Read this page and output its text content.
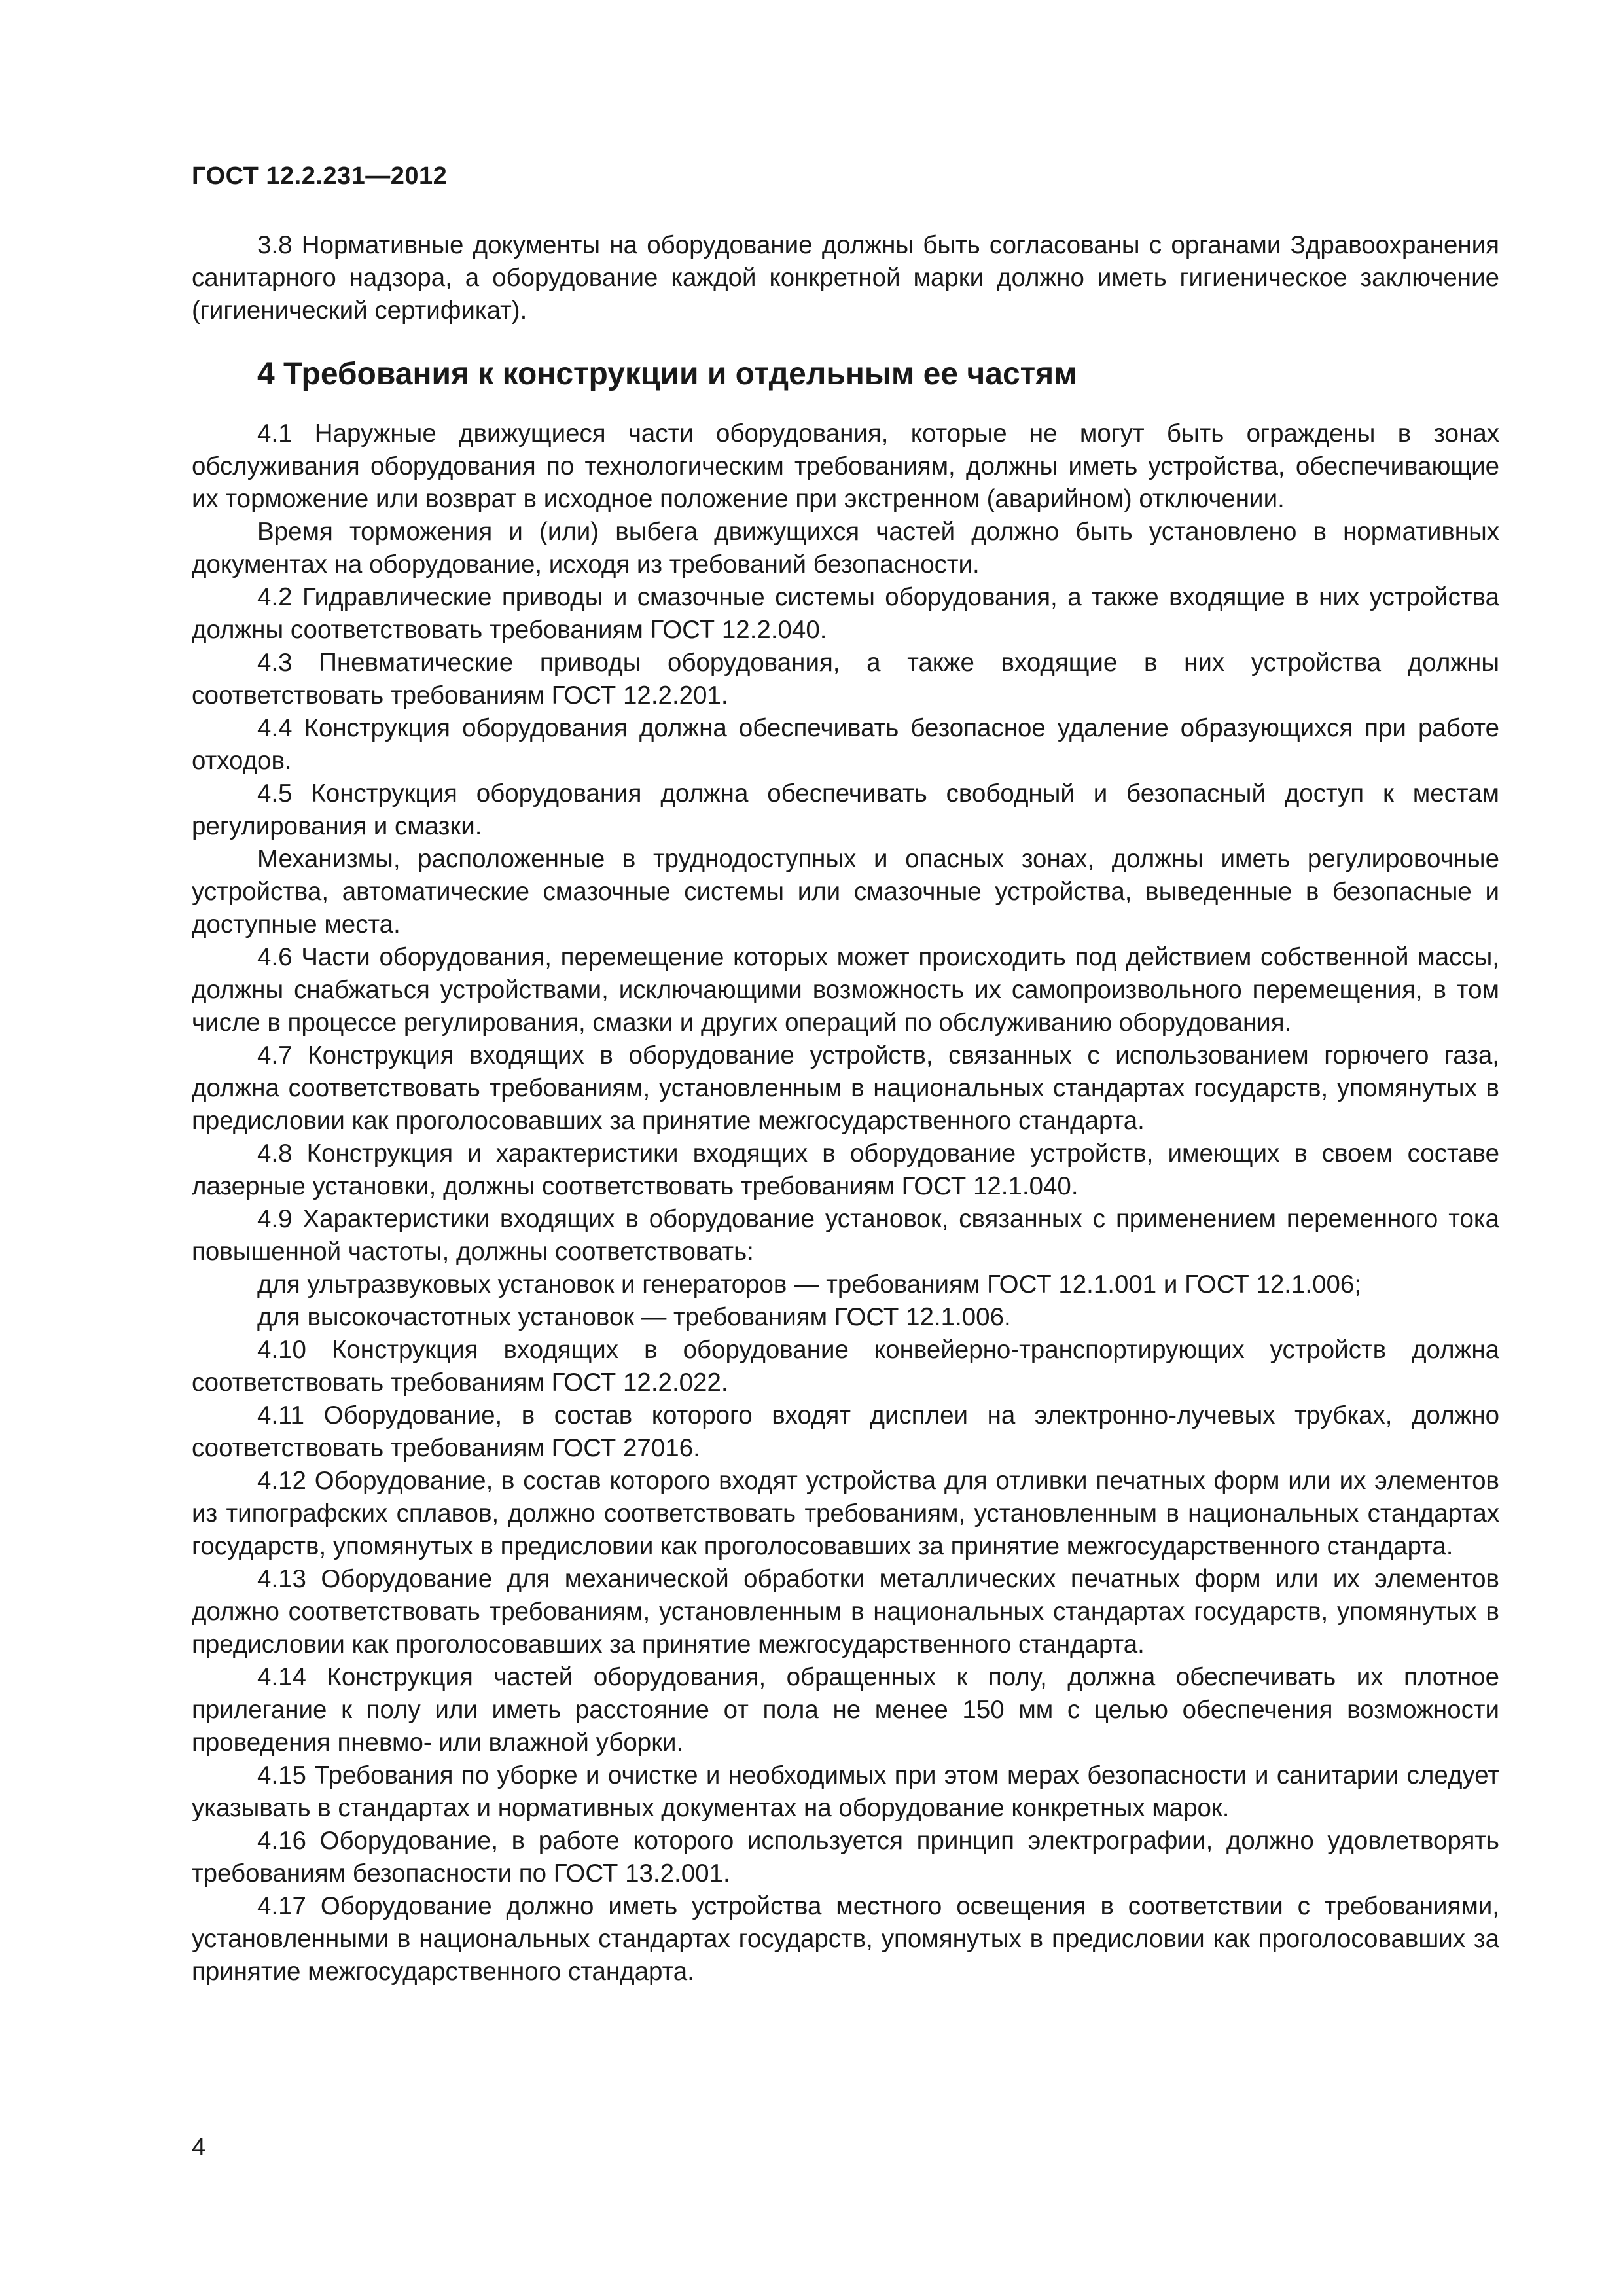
ГОСТ 12.2.231—2012

3.8 Нормативные документы на оборудование должны быть согласованы с органами Здравоохранения санитарного надзора, а оборудование каждой конкретной марки должно иметь гигиеническое заключение (гигиенический сертификат).

4 Требования к конструкции и отдельным ее частям

4.1 Наружные движущиеся части оборудования, которые не могут быть ограждены в зонах обслуживания оборудования по технологическим требованиям, должны иметь устройства, обеспечивающие их торможение или возврат в исходное положение при экстренном (аварийном) отключении.

Время торможения и (или) выбега движущихся частей должно быть установлено в нормативных документах на оборудование, исходя из требований безопасности.

4.2 Гидравлические приводы и смазочные системы оборудования, а также входящие в них устройства должны соответствовать требованиям ГОСТ 12.2.040.

4.3 Пневматические приводы оборудования, а также входящие в них устройства должны соответствовать требованиям ГОСТ 12.2.201.

4.4 Конструкция оборудования должна обеспечивать безопасное удаление образующихся при работе отходов.

4.5 Конструкция оборудования должна обеспечивать свободный и безопасный доступ к местам регулирования и смазки.

Механизмы, расположенные в труднодоступных и опасных зонах, должны иметь регулировочные устройства, автоматические смазочные системы или смазочные устройства, выведенные в безопасные и доступные места.

4.6 Части оборудования, перемещение которых может происходить под действием собственной массы, должны снабжаться устройствами, исключающими возможность их самопроизвольного перемещения, в том числе в процессе регулирования, смазки и других операций по обслуживанию оборудования.

4.7 Конструкция входящих в оборудование устройств, связанных с использованием горючего газа, должна соответствовать требованиям, установленным в национальных стандартах государств, упомянутых в предисловии как проголосовавших за принятие межгосударственного стандарта.

4.8 Конструкция и характеристики входящих в оборудование устройств, имеющих в своем составе лазерные установки, должны соответствовать требованиям ГОСТ 12.1.040.

4.9 Характеристики входящих в оборудование установок, связанных с применением переменного тока повышенной частоты, должны соответствовать:

для ультразвуковых установок и генераторов — требованиям ГОСТ 12.1.001 и ГОСТ 12.1.006;

для высокочастотных установок — требованиям ГОСТ 12.1.006.

4.10 Конструкция входящих в оборудование конвейерно-транспортирующих устройств должна соответствовать требованиям ГОСТ 12.2.022.

4.11 Оборудование, в состав которого входят дисплеи на электронно-лучевых трубках, должно соответствовать требованиям ГОСТ 27016.

4.12 Оборудование, в состав которого входят устройства для отливки печатных форм или их элементов из типографских сплавов, должно соответствовать требованиям, установленным в национальных стандартах государств, упомянутых в предисловии как проголосовавших за принятие межгосударственного стандарта.

4.13 Оборудование для механической обработки металлических печатных форм или их элементов должно соответствовать требованиям, установленным в национальных стандартах государств, упомянутых в предисловии как проголосовавших за принятие межгосударственного стандарта.

4.14 Конструкция частей оборудования, обращенных к полу, должна обеспечивать их плотное прилегание к полу или иметь расстояние от пола не менее 150 мм с целью обеспечения возможности проведения пневмо- или влажной уборки.

4.15 Требования по уборке и очистке и необходимых при этом мерах безопасности и санитарии следует указывать в стандартах и нормативных документах на оборудование конкретных марок.

4.16 Оборудование, в работе которого используется принцип электрографии, должно удовлетворять требованиям безопасности по ГОСТ 13.2.001.

4.17 Оборудование должно иметь устройства местного освещения в соответствии с требованиями, установленными в национальных стандартах государств, упомянутых в предисловии как проголосовавших за принятие межгосударственного стандарта.

4
